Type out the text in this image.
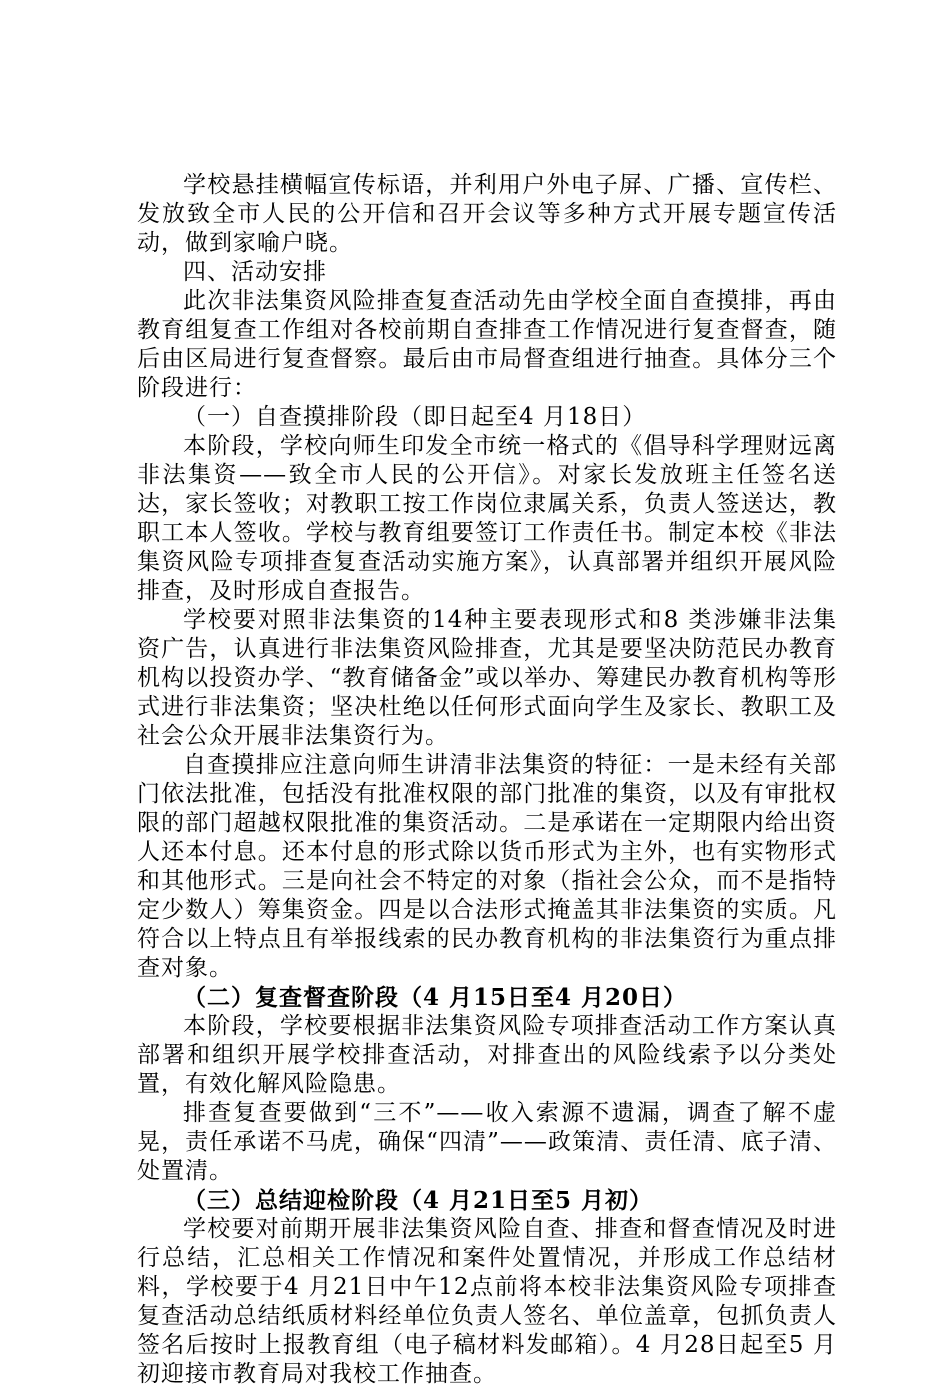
学校悬挂横幅宣传标语，并利用户外电子屏、广播、宣传栏、发放致全市人民的公开信和召开会议等多种方式开展专题宣传活动，做到家喻户晓。

四、活动安排

此次非法集资风险排查复查活动先由学校全面自查摸排，再由教育组复查工作组对各校前期自查排查工作情况进行复查督查，随后由区局进行复查督察。最后由市局督查组进行抽查。具体分三个阶段进行：

（一）自查摸排阶段（即日起至4 月18日）

本阶段，学校向师生印发全市统一格式的《倡导科学理财远离非法集资——致全市人民的公开信》。对家长发放班主任签名送达，家长签收；对教职工按工作岗位隶属关系，负责人签送达，教职工本人签收。学校与教育组要签订工作责任书。制定本校《非法集资风险专项排查复查活动实施方案》，认真部署并组织开展风险排查，及时形成自查报告。

学校要对照非法集资的14种主要表现形式和8 类涉嫌非法集资广告，认真进行非法集资风险排查，尤其是要坚决防范民办教育机构以投资办学、“教育储备金”或以举办、筹建民办教育机构等形式进行非法集资；坚决杜绝以任何形式面向学生及家长、教职工及社会公众开展非法集资行为。

自查摸排应注意向师生讲清非法集资的特征：一是未经有关部门依法批准，包括没有批准权限的部门批准的集资，以及有审批权限的部门超越权限批准的集资活动。二是承诺在一定期限内给出资人还本付息。还本付息的形式除以货币形式为主外，也有实物形式和其他形式。三是向社会不特定的对象（指社会公众，而不是指特定少数人）筹集资金。四是以合法形式掩盖其非法集资的实质。凡符合以上特点且有举报线索的民办教育机构的非法集资行为重点排查对象。

（二）复查督查阶段（4 月15日至4 月20日）

本阶段，学校要根据非法集资风险专项排查活动工作方案认真部署和组织开展学校排查活动，对排查出的风险线索予以分类处置，有效化解风险隐患。

排查复查要做到“三不”——收入索源不遗漏，调查了解不虚晃，责任承诺不马虎，确保“四清”——政策清、责任清、底子清、处置清。

（三）总结迎检阶段（4 月21日至5 月初）

学校要对前期开展非法集资风险自查、排查和督查情况及时进行总结，汇总相关工作情况和案件处置情况，并形成工作总结材料，学校要于4 月21日中午12点前将本校非法集资风险专项排查复查活动总结纸质材料经单位负责人签名、单位盖章，包抓负责人签名后按时上报教育组（电子稿材料发邮箱）。4 月28日起至5 月初迎接市教育局对我校工作抽查。
